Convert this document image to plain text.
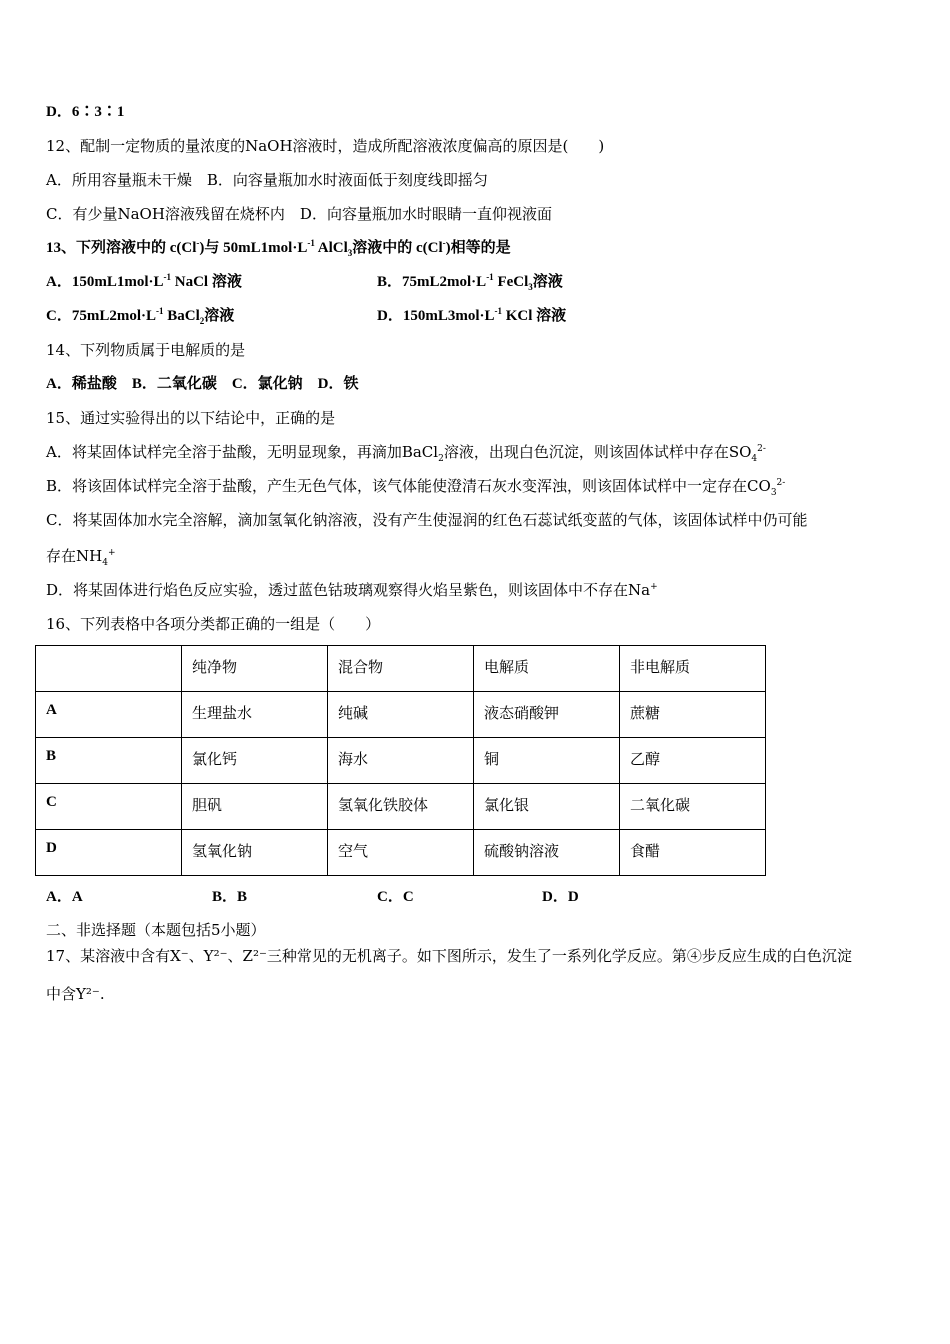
D．6∶3∶1
12、配制一定物质的量浓度的NaOH溶液时，造成所配溶液浓度偏高的原因是(　　)
A．所用容量瓶未干燥　B．向容量瓶加水时液面低于刻度线即摇匀
C．有少量NaOH溶液残留在烧杯内　D．向容量瓶加水时眼睛一直仰视液面
13、下列溶液中的 c(Cl-)与 $50mL1mol\cdot L^{-1}$ AlCl$_3$溶液中的 c(Cl-)相等的是
A．$150mL1mol\cdot L^{-1}$ NaCl 溶液	B．$75mL2mol\cdot L^{-1}$ FeCl$_3$溶液
C．$75mL2mol\cdot L^{-1}$ BaCl$_2$溶液	D．$150mL3mol\cdot L^{-1}$ KCl 溶液
14、下列物质属于电解质的是
A．稀盐酸　B．二氧化碳　C．氯化钠　D．铁
15、通过实验得出的以下结论中，正确的是
A．将某固体试样完全溶于盐酸，无明显现象，再滴加BaCl$_2$溶液，出现白色沉淀，则该固体试样中存在$SO_4^{2-}$
B．将该固体试样完全溶于盐酸，产生无色气体，该气体能使澄清石灰水变浑浊，则该固体试样中一定存在$CO_3^{2-}$
C．将某固体加水完全溶解，滴加氢氧化钠溶液，没有产生使湿润的红色石蕊试纸变蓝的气体，该固体试样中仍可能
存在$NH_4^+$
D．将某固体进行焰色反应实验，透过蓝色钴玻璃观察得火焰呈紫色，则该固体中不存在Na+
16、下列表格中各项分类都正确的一组是（　　）
	纯净物	混合物	电解质	非电解质
A	生理盐水	纯碱	液态硝酸钾	蔗糖
B	氯化钙	海水	铜	乙醇
C	胆矾	氢氧化铁胶体	氯化银	二氧化碳
D	氢氧化钠	空气	硫酸钠溶液	食醋
A．A	B．B	C．C	D．D
二、非选择题（本题包括5小题）
17、某溶液中含有X⁻、Y²⁻、Z²⁻三种常见的无机离子。如下图所示，发生了一系列化学反应。第④步反应生成的白色沉淀
中含Y²⁻.
